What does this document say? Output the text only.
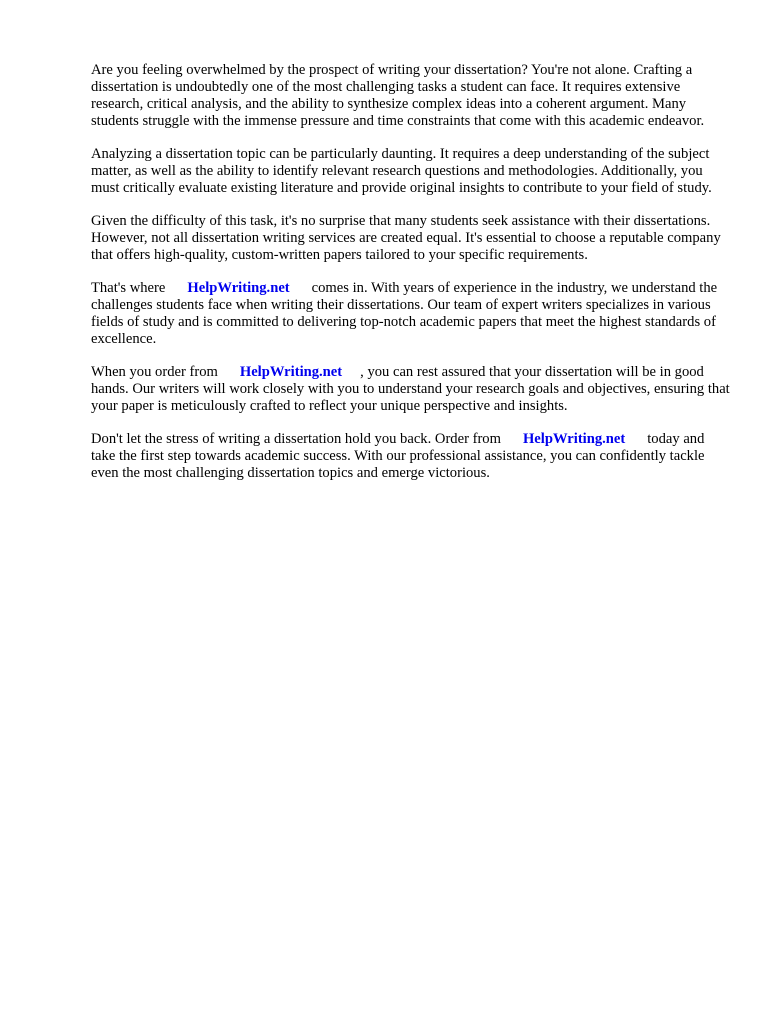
Are you feeling overwhelmed by the prospect of writing your dissertation? You're not alone. Crafting a dissertation is undoubtedly one of the most challenging tasks a student can face. It requires extensive research, critical analysis, and the ability to synthesize complex ideas into a coherent argument. Many students struggle with the immense pressure and time constraints that come with this academic endeavor.

Analyzing a dissertation topic can be particularly daunting. It requires a deep understanding of the subject matter, as well as the ability to identify relevant research questions and methodologies. Additionally, you must critically evaluate existing literature and provide original insights to contribute to your field of study.

Given the difficulty of this task, it's no surprise that many students seek assistance with their dissertations. However, not all dissertation writing services are created equal. It's essential to choose a reputable company that offers high-quality, custom-written papers tailored to your specific requirements.

That's where HelpWriting.net comes in. With years of experience in the industry, we understand the challenges students face when writing their dissertations. Our team of expert writers specializes in various fields of study and is committed to delivering top-notch academic papers that meet the highest standards of excellence.

When you order from HelpWriting.net , you can rest assured that your dissertation will be in good hands. Our writers will work closely with you to understand your research goals and objectives, ensuring that your paper is meticulously crafted to reflect your unique perspective and insights.

Don't let the stress of writing a dissertation hold you back. Order from HelpWriting.net today and take the first step towards academic success. With our professional assistance, you can confidently tackle even the most challenging dissertation topics and emerge victorious.
